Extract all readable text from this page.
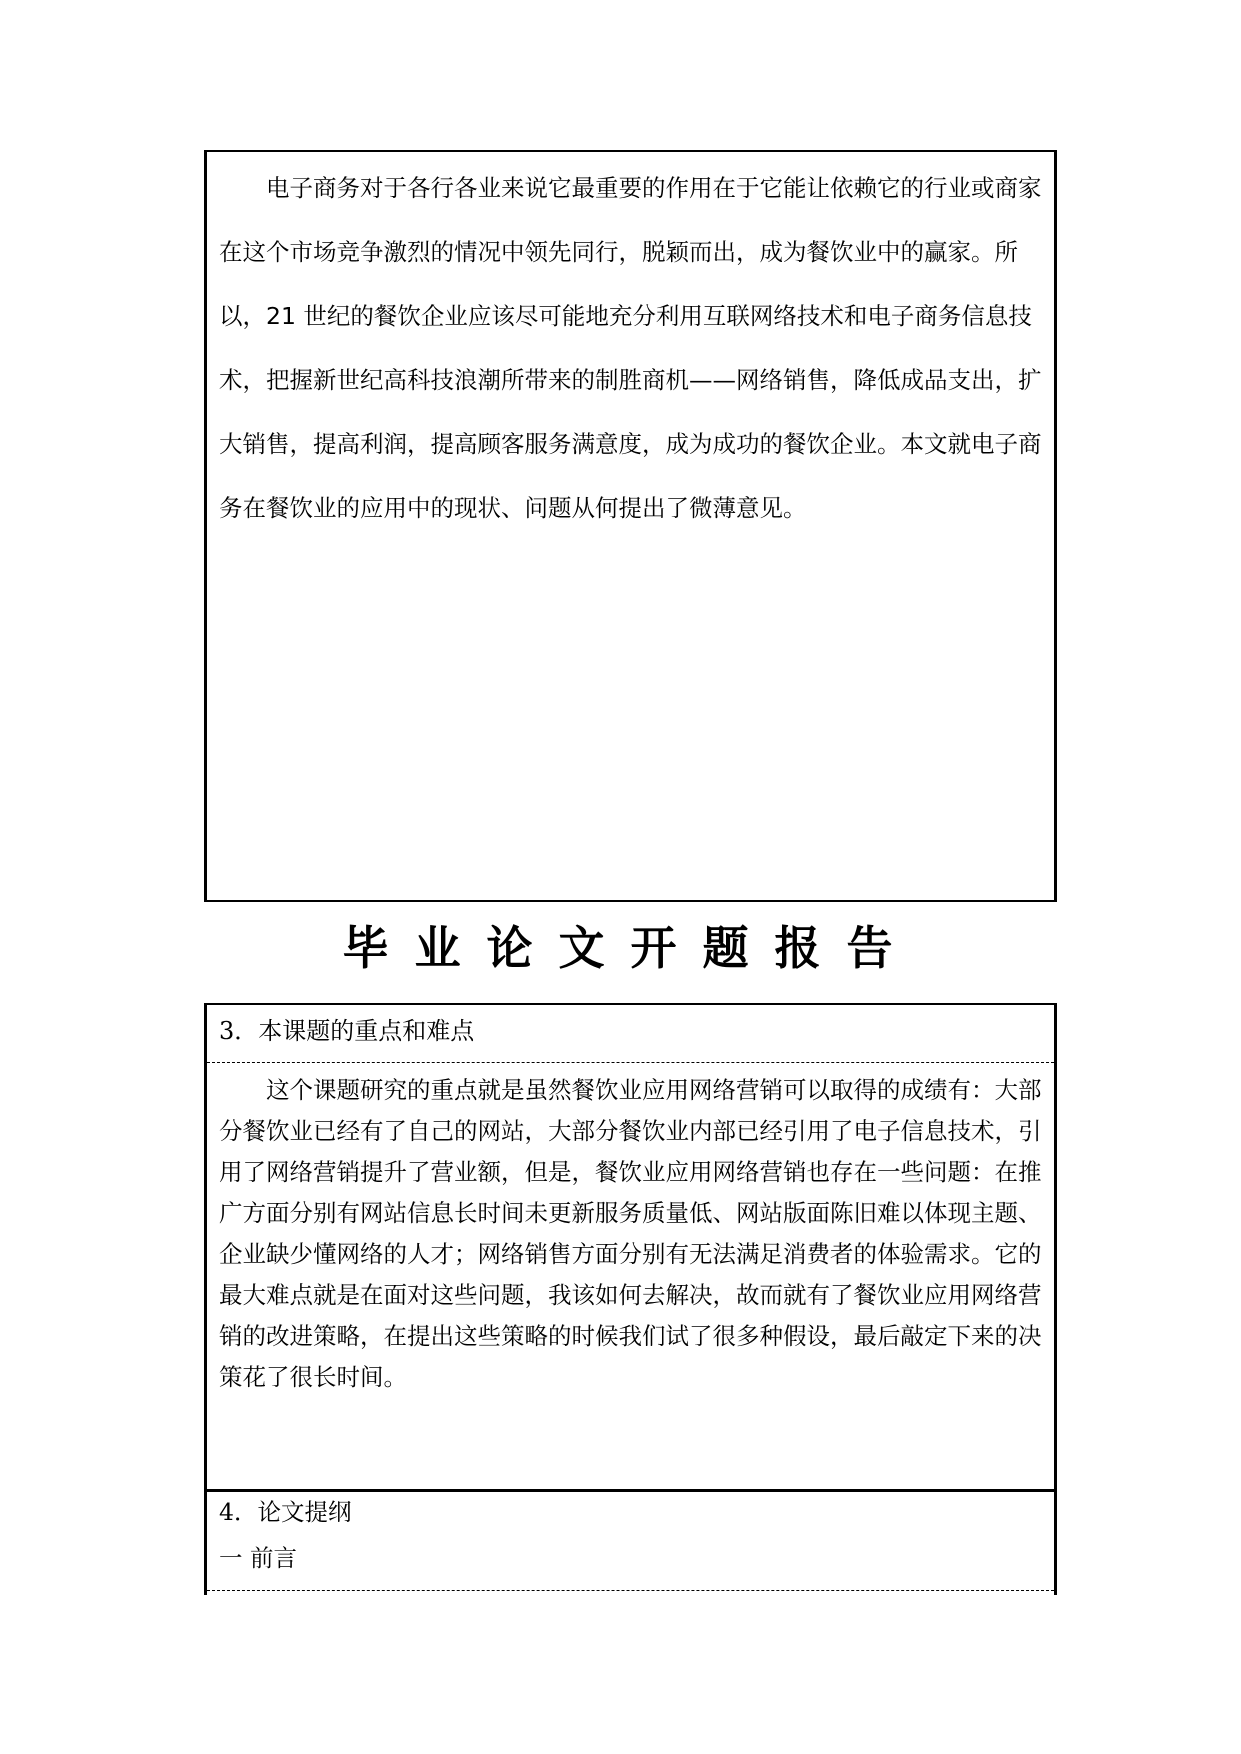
电子商务对于各行各业来说它最重要的作用在于它能让依赖它的行业或商家在这个市场竞争激烈的情况中领先同行，脱颖而出，成为餐饮业中的赢家。所以，21 世纪的餐饮企业应该尽可能地充分利用互联网络技术和电子商务信息技术，把握新世纪高科技浪潮所带来的制胜商机——网络销售，降低成品支出，扩大销售，提高利润，提高顾客服务满意度，成为成功的餐饮企业。本文就电子商务在餐饮业的应用中的现状、问题从何提出了微薄意见。

毕业论文开题报告
3．本课题的重点和难点

这个课题研究的重点就是虽然餐饮业应用网络营销可以取得的成绩有：大部分餐饮业已经有了自己的网站，大部分餐饮业内部已经引用了电子信息技术，引用了网络营销提升了营业额，但是，餐饮业应用网络营销也存在一些问题：在推广方面分别有网站信息长时间未更新服务质量低、网站版面陈旧难以体现主题、企业缺少懂网络的人才；网络销售方面分别有无法满足消费者的体验需求。它的最大难点就是在面对这些问题，我该如何去解决，故而就有了餐饮业应用网络营销的改进策略，在提出这些策略的时候我们试了很多种假设，最后敲定下来的决策花了很长时间。

4．论文提纲
一 前言
